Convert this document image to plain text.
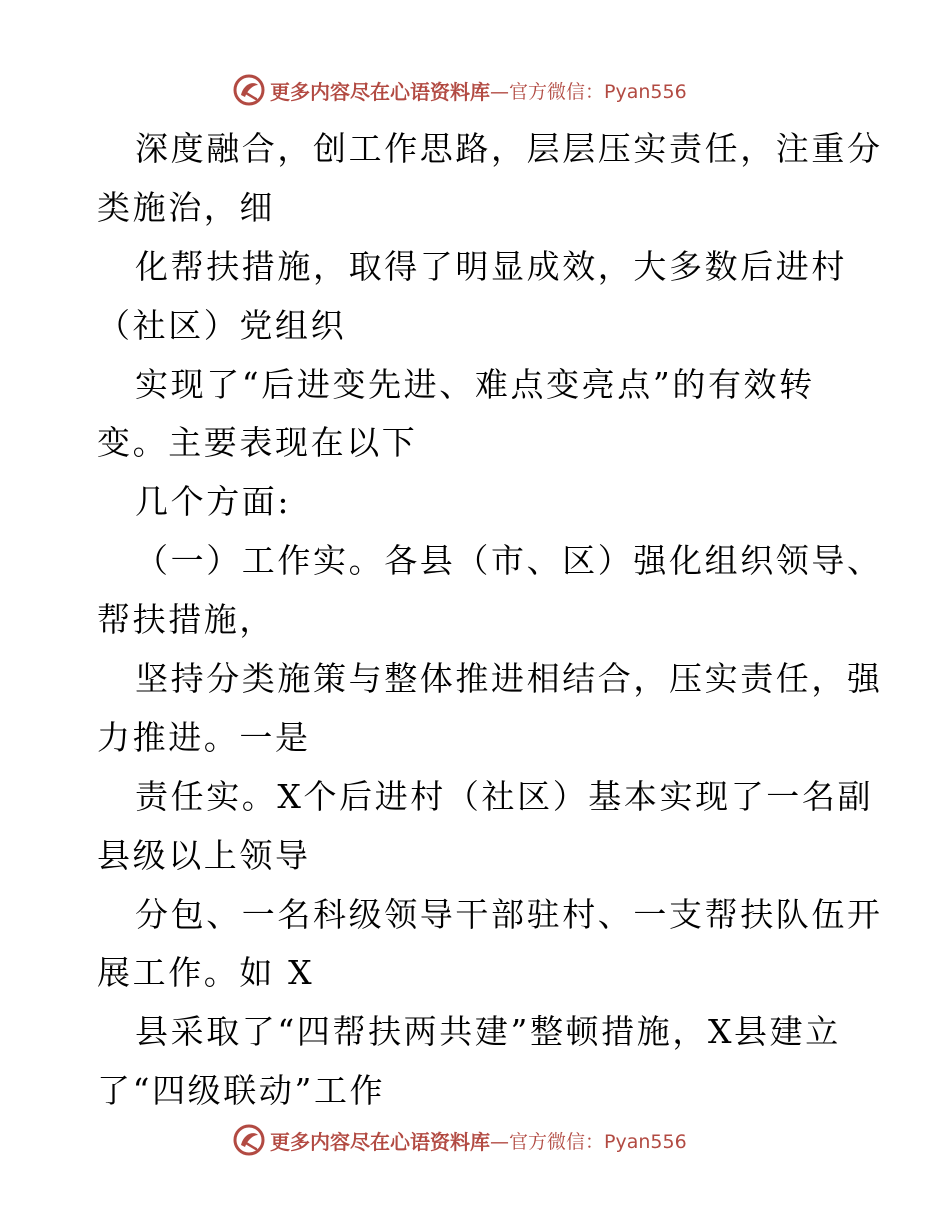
更多内容尽在心语资料库 —官方微信：Pyan556
深度融合，创工作思路，层层压实责任，注重分
类施治，细
化帮扶措施，取得了明显成效，大多数后进村
（社区）党组织
实现了“后进变先进、难点变亮点”的有效转
变。主要表现在以下
几个方面:
（一）工作实。各县（市、区）强化组织领导、
帮扶措施，
坚持分类施策与整体推进相结合，压实责任，强
力推进。一是
责任实。X个后进村（社区）基本实现了一名副
县级以上领导
分包、一名科级领导干部驻村、一支帮扶队伍开
展工作。如 X
县采取了“四帮扶两共建”整顿措施，X县建立
了“四级联动”工作
更多内容尽在心语资料库 —官方微信：Pyan556
